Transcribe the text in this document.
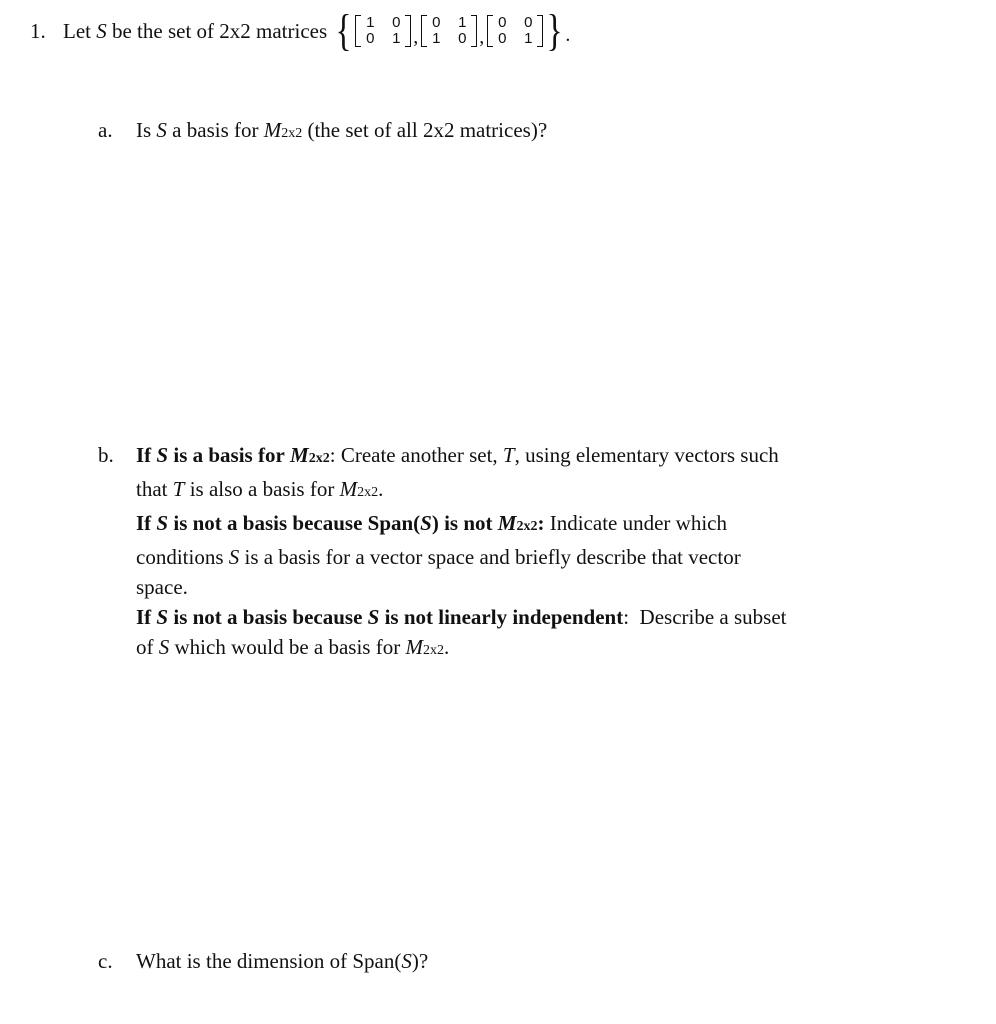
1. Let
S
be the set of 2x2 matrices { 1 0
0 1 ,
0 1
1 0 ,
0 0
0 1 } .
a. Is S a basis for M2x2 (the set of all 2x2 matrices)?
b. If S is a basis for M2x2: Create another set, T, using elementary vectors such
that T is also a basis for M2x2.
If S is not a basis because Span(S) is not M2x2: Indicate under which
conditions S is a basis for a vector space and briefly describe that vector
space.
If S is not a basis because S is not linearly independent: Describe a subset
of S which would be a basis for M2x2.
c. What is the dimension of Span(S)?
